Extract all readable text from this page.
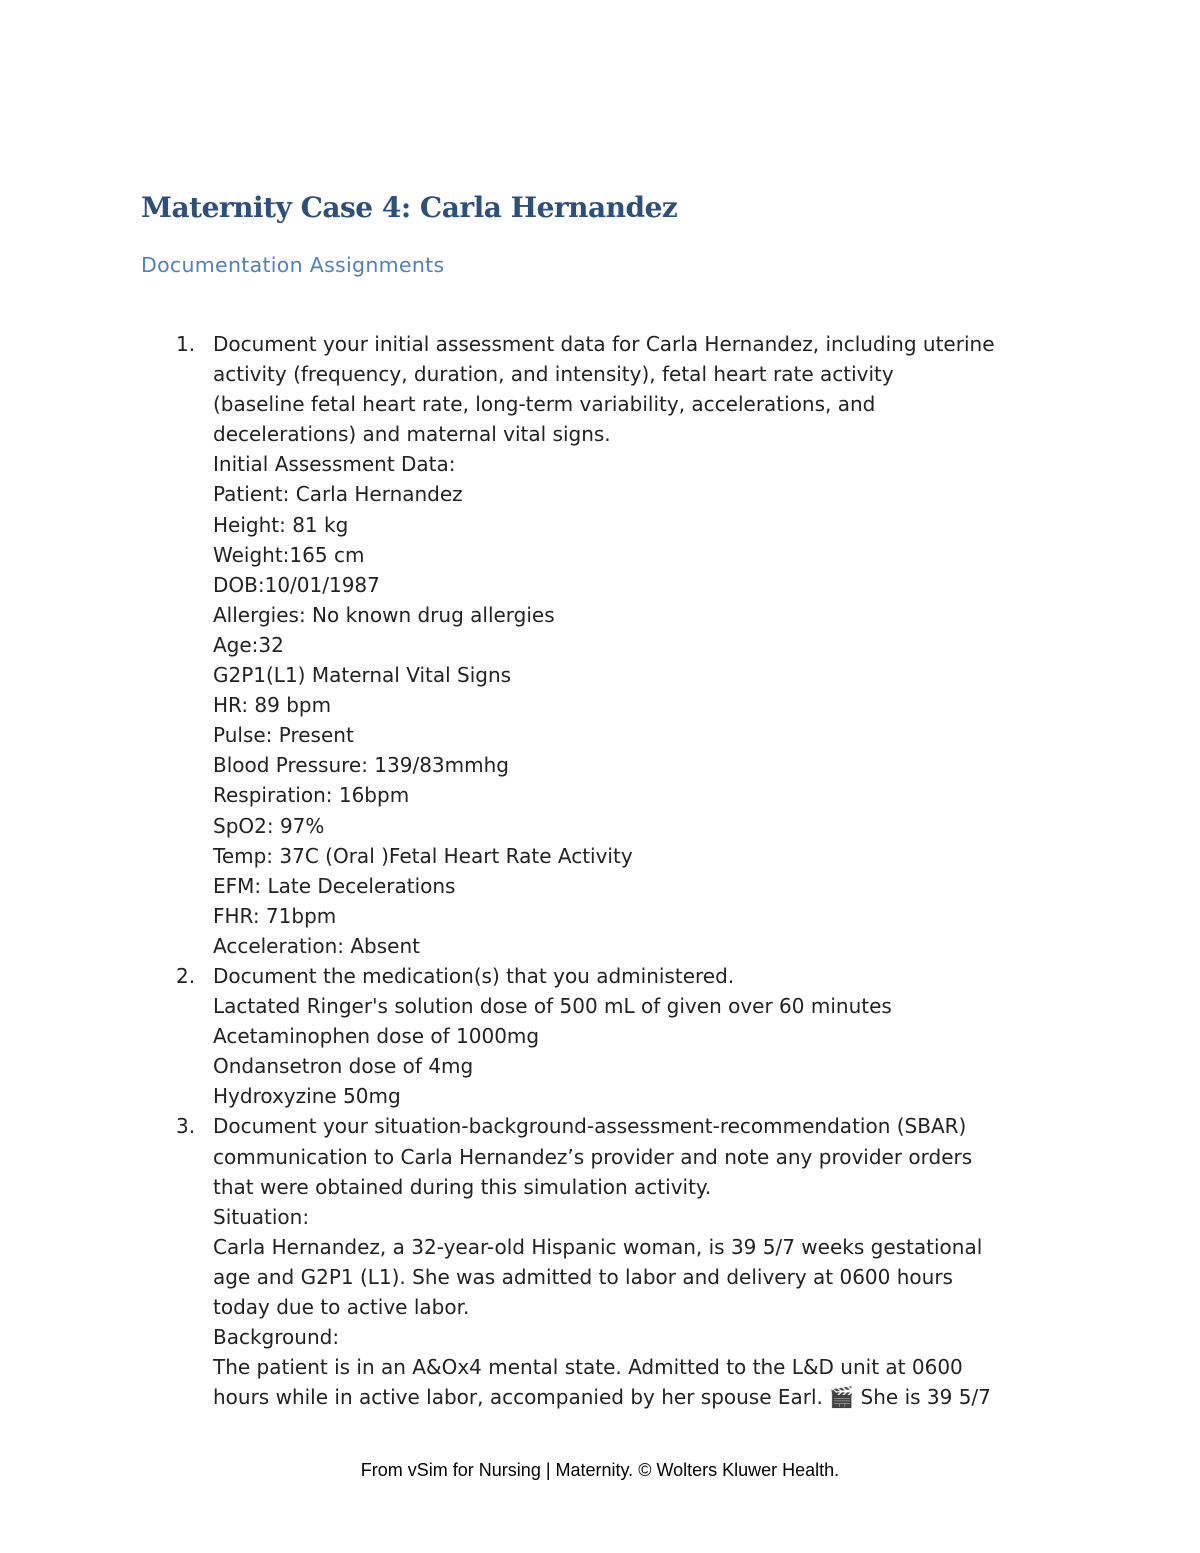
Maternity Case 4: Carla Hernandez
Documentation Assignments
1. Document your initial assessment data for Carla Hernandez, including uterine
activity (frequency, duration, and intensity), fetal heart rate activity
(baseline fetal heart rate, long-term variability, accelerations, and
decelerations) and maternal vital signs.
Initial Assessment Data:
Patient: Carla Hernandez
Height: 81 kg
Weight:165 cm
DOB:10/01/1987
Allergies: No known drug allergies
Age:32
G2P1(L1) Maternal Vital Signs
HR: 89 bpm
Pulse: Present
Blood Pressure: 139/83mmhg
Respiration: 16bpm
SpO2: 97%
Temp: 37C (Oral )Fetal Heart Rate Activity
EFM: Late Decelerations
FHR: 71bpm
Acceleration: Absent
2. Document the medication(s) that you administered.
Lactated Ringer's solution dose of 500 mL of given over 60 minutes
Acetaminophen dose of 1000mg
Ondansetron dose of 4mg
Hydroxyzine 50mg
3. Document your situation-background-assessment-recommendation (SBAR)
communication to Carla Hernandez’s provider and note any provider orders
that were obtained during this simulation activity.
Situation:
Carla Hernandez, a 32-year-old Hispanic woman, is 39 5/7 weeks gestational
age and G2P1 (L1). She was admitted to labor and delivery at 0600 hours
today due to active labor.
Background:
The patient is in an A&Ox4 mental state. Admitted to the L&D unit at 0600
hours while in active labor, accompanied by her spouse Earl. 🎬 She is 39 5/7
From vSim for Nursing | Maternity. © Wolters Kluwer Health.
